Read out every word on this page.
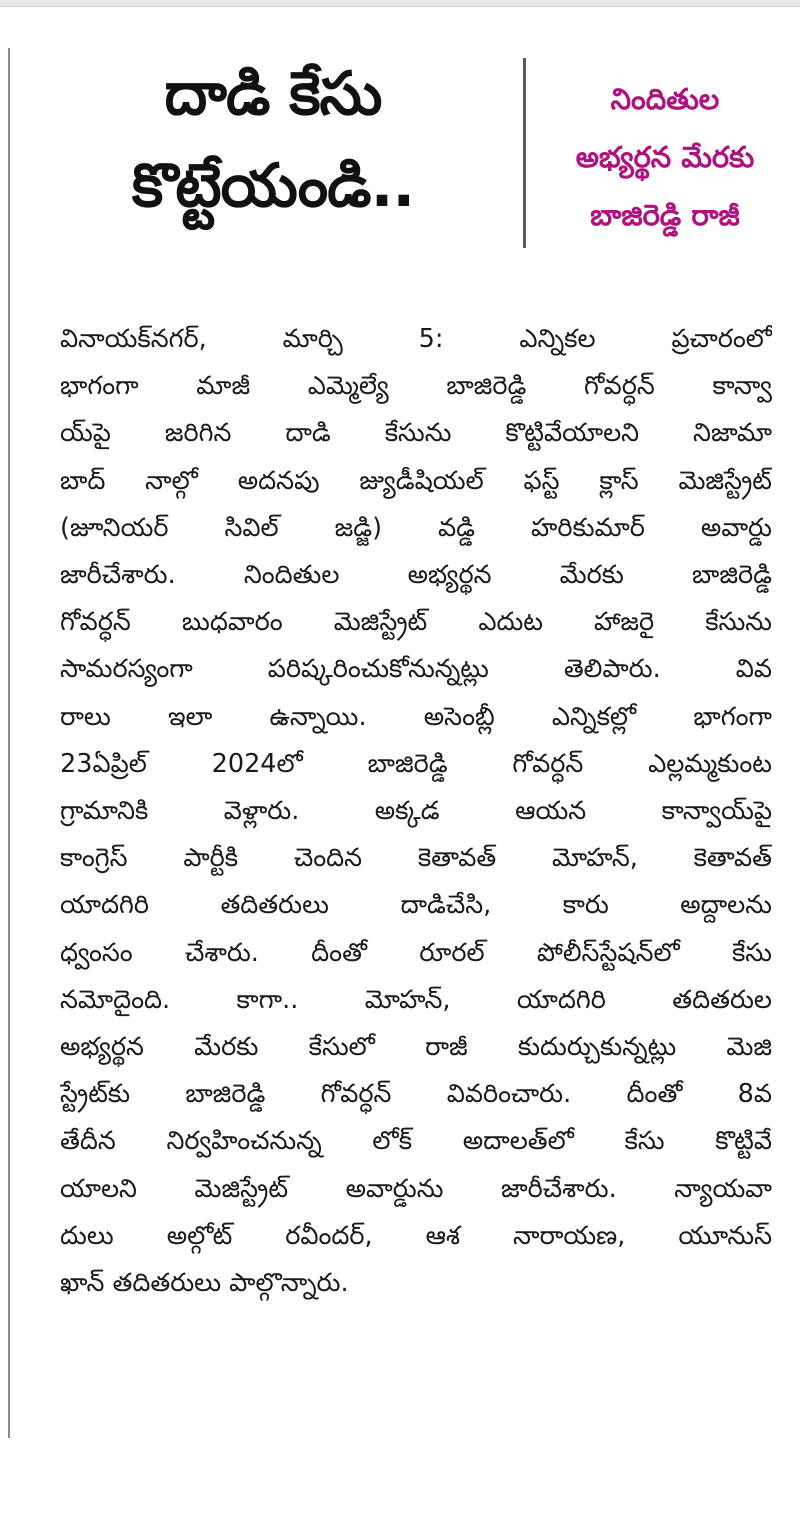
దాడి కేసు
కొట్టేయండి..
నిందితుల
అభ్యర్థన మేరకు
బాజిరెడ్డి రాజీ
వినాయక్‌నగర్, మార్చి 5: ఎన్నికల ప్రచారంలో
భాగంగా మాజీ ఎమ్మెల్యే బాజిరెడ్డి గోవర్ధన్ కాన్వా
య్‌పై జరిగిన దాడి కేసును కొట్టివేయాలని నిజామా
బాద్ నాల్గో అదనపు జ్యుడీషియల్ ఫస్ట్ క్లాస్ మెజిస్ట్రేట్
(జూనియర్ సివిల్ జడ్జి) వడ్డి హరికుమార్ అవార్డు
జారీచేశారు. నిందితుల అభ్యర్థన మేరకు బాజిరెడ్డి
గోవర్ధన్ బుధవారం మెజిస్ట్రేట్ ఎదుట హాజరై కేసును
సామరస్యంగా పరిష్కరించుకోనున్నట్లు తెలిపారు. వివ
రాలు ఇలా ఉన్నాయి. అసెంబ్లీ ఎన్నికల్లో భాగంగా
23ఏప్రిల్ 2024లో బాజిరెడ్డి గోవర్ధన్ ఎల్లమ్మకుంట
గ్రామానికి వెళ్లారు. అక్కడ ఆయన కాన్వాయ్‌పై
కాంగ్రెస్ పార్టీకి చెందిన కెతావత్ మోహన్, కెతావత్
యాదగిరి తదితరులు దాడిచేసి, కారు అద్దాలను
ధ్వంసం చేశారు. దీంతో రూరల్ పోలీస్‌స్టేషన్‌లో కేసు
నమోదైంది. కాగా.. మోహన్, యాదగిరి తదితరుల
అభ్యర్థన మేరకు కేసులో రాజీ కుదుర్చుకున్నట్లు మెజి
స్ట్రేట్‌కు బాజిరెడ్డి గోవర్ధన్ వివరించారు. దీంతో 8వ
తేదీన నిర్వహించనున్న లోక్ అదాలత్‌లో కేసు కొట్టివే
యాలని మెజిస్ట్రేట్ అవార్డును జారీచేశారు. న్యాయవా
దులు అల్గోట్ రవీందర్, ఆశ నారాయణ, యూనుస్
ఖాన్ తదితరులు పాల్గొన్నారు.
